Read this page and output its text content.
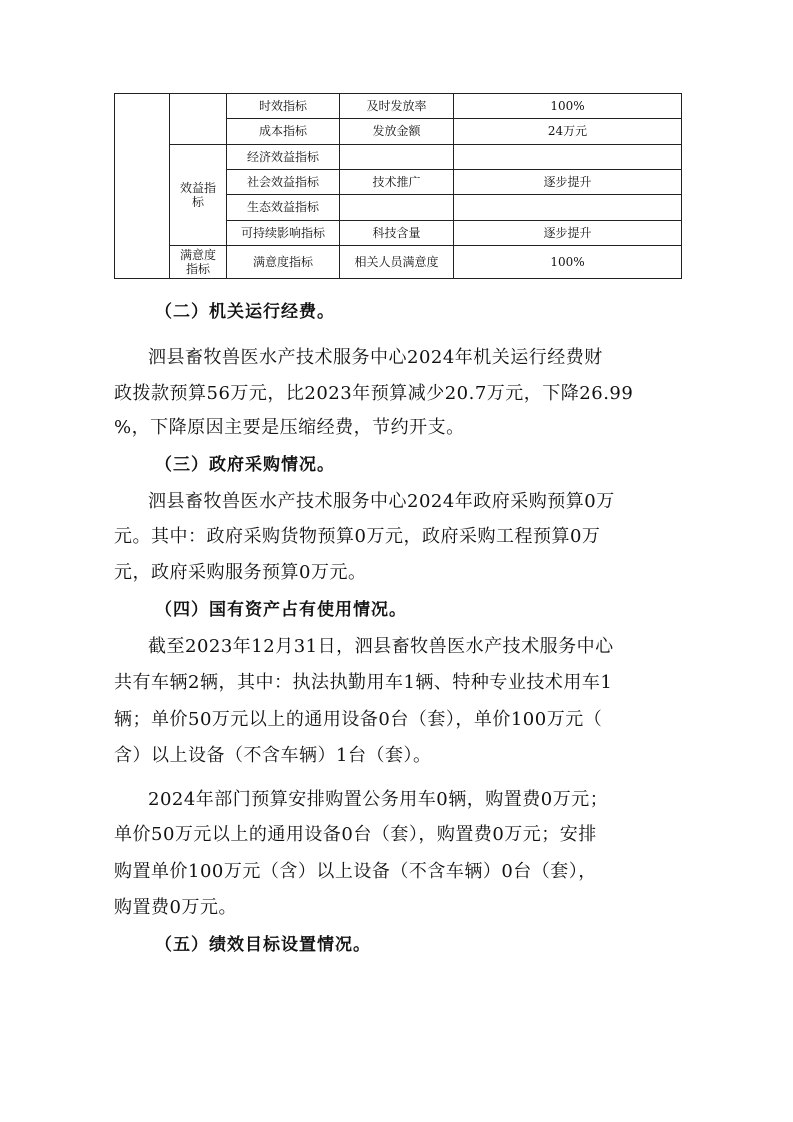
		时效指标	及时发放率	100%
		成本指标	发放金额	24万元
	效益指标	经济效益指标		
		社会效益指标	技术推广	逐步提升
		生态效益指标		
		可持续影响指标	科技含量	逐步提升
	满意度指标	满意度指标	相关人员满意度	100%
（二）机关运行经费。
泗县畜牧兽医水产技术服务中心2024年机关运行经费财
政拨款预算56万元，比2023年预算减少20.7万元，下降26.99
%，下降原因主要是压缩经费，节约开支。
（三）政府采购情况。
泗县畜牧兽医水产技术服务中心2024年政府采购预算0万
元。其中：政府采购货物预算0万元，政府采购工程预算0万
元，政府采购服务预算0万元。
（四）国有资产占有使用情况。
截至2023年12月31日，泗县畜牧兽医水产技术服务中心
共有车辆2辆，其中：执法执勤用车1辆、特种专业技术用车1
辆；单价50万元以上的通用设备0台（套），单价100万元（
含）以上设备（不含车辆）1台（套）。
2024年部门预算安排购置公务用车0辆，购置费0万元；
单价50万元以上的通用设备0台（套），购置费0万元；安排
购置单价100万元（含）以上设备（不含车辆）0台（套），
购置费0万元。
（五）绩效目标设置情况。
